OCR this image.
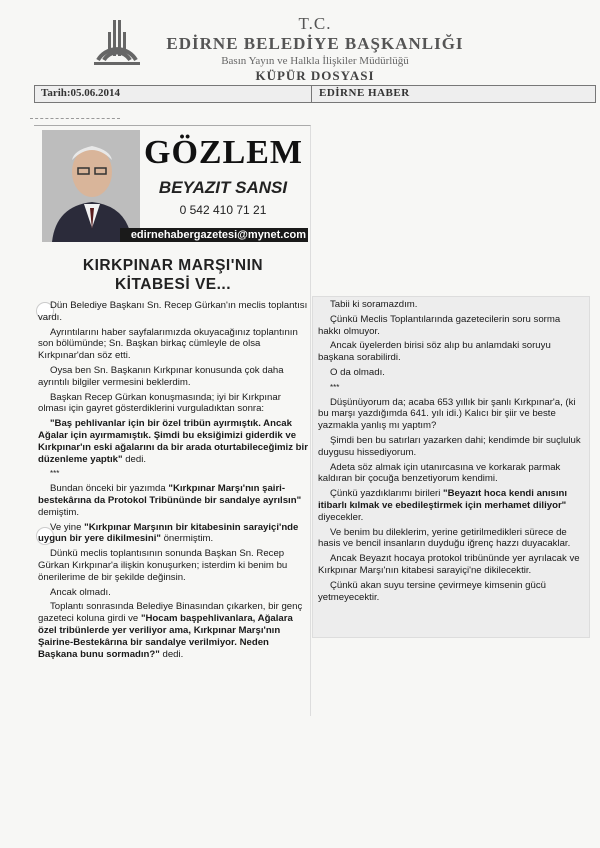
T.C.
EDİRNE BELEDİYE BAŞKANLIĞI
Basın Yayın ve Halkla İlişkiler Müdürlüğü
KÜPÜR DOSYASI
Tarih:05.06.2014	EDİRNE HABER
GÖZLEM
BEYAZIT SANSI
0 542 410 71 21
edirnehabergazetesi@mynet.com
KIRKPINAR MARŞI'NIN
KİTABESİ VE...

Dün Belediye Başkanı Sn. Recep Gürkan'ın meclis toplantısı vardı.

Ayrıntılarını haber sayfalarımızda okuyacağınız toplantının son bölümünde; Sn. Başkan birkaç cümleyle de olsa Kırkpınar'dan söz etti.

Oysa ben Sn. Başkanın Kırkpınar konusunda çok daha ayrıntılı bilgiler vermesini beklerdim.

Başkan Recep Gürkan konuşmasında; iyi bir Kırkpınar olması için gayret gösterdiklerini vurguladıktan sonra:

"Baş pehlivanlar için bir özel tribün ayırmıştık. Ancak Ağalar için ayırmamıştık. Şimdi bu eksiğimizi giderdik ve Kırkpınar'ın eski ağalarını da bir arada oturtabileceğimiz bir düzenleme yaptık" dedi.

***

Bundan önceki bir yazımda "Kırkpınar Marşı'nın şairi-bestekârına da Protokol Tribününde bir sandalye ayrılsın" demiştim.

Ve yine "Kırkpınar Marşının bir kitabesinin sarayiçi'nde uygun bir yere dikilmesini" önermiştim.

Dünkü meclis toplantısının sonunda Başkan Sn. Recep Gürkan Kırkpınar'a ilişkin konuşurken; isterdim ki benim bu önerilerime de bir şekilde değinsin.

Ancak olmadı.

Toplantı sonrasında Belediye Binasından çıkarken, bir genç gazeteci koluna girdi ve "Hocam başpehlivanlara, Ağalara özel tribünlerde yer veriliyor ama, Kırkpınar Marşı'nın Şairine-Bestekârına bir sandalye verilmiyor. Neden Başkana bunu sormadın?" dedi.

Tabii ki soramazdım.

Çünkü Meclis Toplantılarında gazetecilerin soru sorma hakkı olmuyor.

Ancak üyelerden birisi söz alıp bu anlamdaki soruyu başkana sorabilirdi.

O da olmadı.

***

Düşünüyorum da; acaba 653 yıllık bir şanlı Kırkpınar'a, (ki bu marşı yazdığımda 641. yılı idi.) Kalıcı bir şiir ve beste yazmakla yanlış mı yaptım?

Şimdi ben bu satırları yazarken dahi; kendimde bir suçluluk duygusu hissediyorum.

Adeta söz almak için utanırcasına ve korkarak parmak kaldıran bir çocuğa benzetiyorum kendimi.

Çünkü yazdıklarımı birileri "Beyazıt hoca kendi anısını itibarlı kılmak ve ebedileştirmek için merhamet diliyor" diyecekler.

Ve benim bu dileklerim, yerine getirilmedikleri sürece de hasis ve bencil insanların duyduğu iğrenç hazzı duyacaklar.

Ancak Beyazıt hocaya protokol tribününde yer ayrılacak ve Kırkpınar Marşı'nın kitabesi sarayiçi'ne dikilecektir.

Çünkü akan suyu tersine çevirmeye kimsenin gücü yetmeyecektir.
